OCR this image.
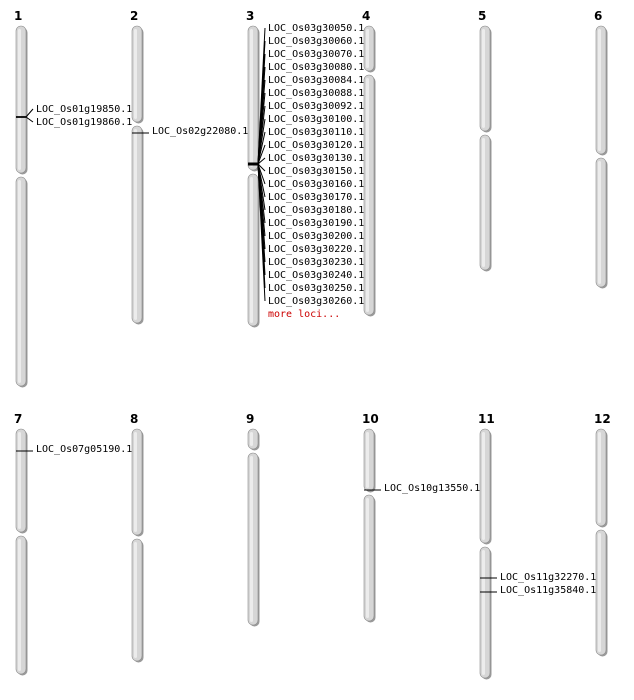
1
LOC_Os01g19850.1
LOC_Os01g19860.1
2
LOC_Os02g22080.1
3
LOC_Os03g30050.1
LOC_Os03g30060.1
LOC_Os03g30070.1
LOC_Os03g30080.1
LOC_Os03g30084.1
LOC_Os03g30088.1
LOC_Os03g30092.1
LOC_Os03g30100.1
LOC_Os03g30110.1
LOC_Os03g30120.1
LOC_Os03g30130.1
LOC_Os03g30150.1
LOC_Os03g30160.1
LOC_Os03g30170.1
LOC_Os03g30180.1
LOC_Os03g30190.1
LOC_Os03g30200.1
LOC_Os03g30220.1
LOC_Os03g30230.1
LOC_Os03g30240.1
LOC_Os03g30250.1
LOC_Os03g30260.1
more loci...
4	5	6
7
LOC_Os07g05190.1
8	9	10
LOC_Os10g13550.1
11
LOC_Os11g32270.1
LOC_Os11g35840.1
12
